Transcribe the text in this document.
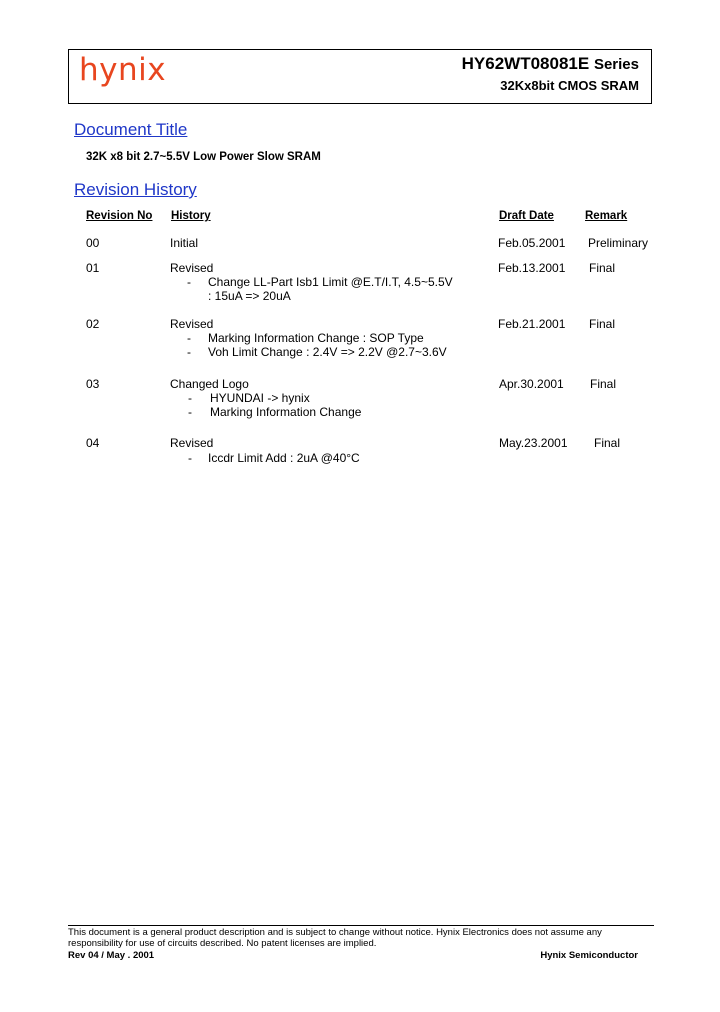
hynix	HY62WT08081E Series
32Kx8bit CMOS SRAM
Document Title
32K x8 bit 2.7~5.5V Low Power Slow SRAM
Revision History
Revision No History	Draft Date	Remark
00	Initial	Feb.05.2001 Preliminary
01	Revised
- Change LL-Part Isb1 Limit @E.T/I.T, 4.5~5.5V
: 15uA => 20uA
Feb.13.2001 Final
02	Revised
- Marking Information Change : SOP Type
- Voh Limit Change : 2.4V => 2.2V @2.7~3.6V
Feb.21.2001 Final
03	Changed Logo
- HYUNDAI -> hynix
- Marking Information Change
Apr.30.2001 Final
04	Revised
- Iccdr Limit Add : 2uA @40°C
May.23.2001 Final
This document is a general product description and is subject to change without notice. Hynix Electronics does not assume any responsibility for use of circuits described. No patent licenses are implied.
Rev 04 / May . 2001	Hynix Semiconductor
